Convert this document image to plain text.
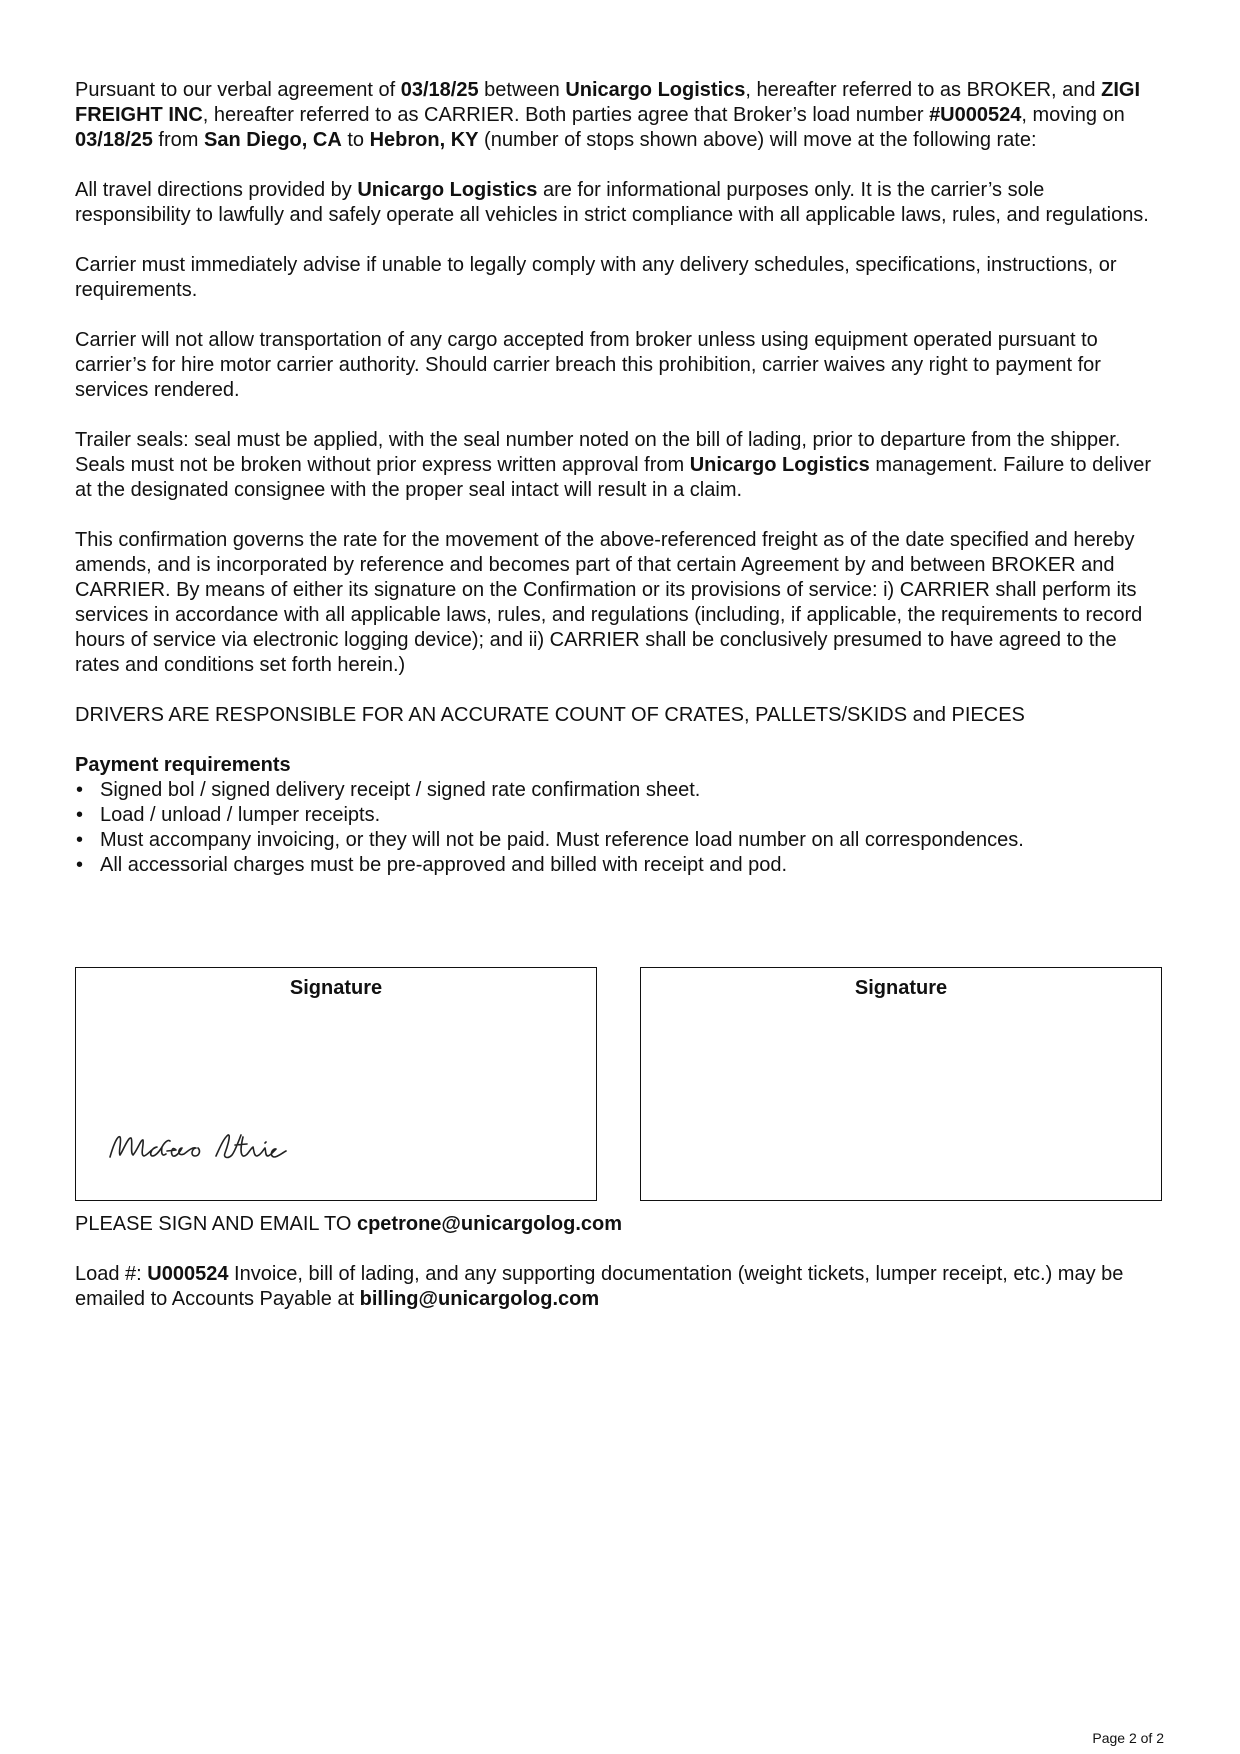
Pursuant to our verbal agreement of 03/18/25 between Unicargo Logistics, hereafter referred to as BROKER, and ZIGI FREIGHT INC, hereafter referred to as CARRIER. Both parties agree that Broker’s load number #U000524, moving on 03/18/25 from San Diego, CA to Hebron, KY (number of stops shown above) will move at the following rate:

All travel directions provided by Unicargo Logistics are for informational purposes only. It is the carrier’s sole responsibility to lawfully and safely operate all vehicles in strict compliance with all applicable laws, rules, and regulations.

Carrier must immediately advise if unable to legally comply with any delivery schedules, specifications, instructions, or requirements.

Carrier will not allow transportation of any cargo accepted from broker unless using equipment operated pursuant to carrier’s for hire motor carrier authority. Should carrier breach this prohibition, carrier waives any right to payment for services rendered.

Trailer seals: seal must be applied, with the seal number noted on the bill of lading, prior to departure from the shipper. Seals must not be broken without prior express written approval from Unicargo Logistics management. Failure to deliver at the designated consignee with the proper seal intact will result in a claim.

This confirmation governs the rate for the movement of the above-referenced freight as of the date specified and hereby amends, and is incorporated by reference and becomes part of that certain Agreement by and between BROKER and CARRIER. By means of either its signature on the Confirmation or its provisions of service: i) CARRIER shall perform its services in accordance with all applicable laws, rules, and regulations (including, if applicable, the requirements to record hours of service via electronic logging device); and ii) CARRIER shall be conclusively presumed to have agreed to the rates and conditions set forth herein.)

DRIVERS ARE RESPONSIBLE FOR AN ACCURATE COUNT OF CRATES, PALLETS/SKIDS and PIECES

Payment requirements
• Signed bol / signed delivery receipt / signed rate confirmation sheet.
• Load / unload / lumper receipts.
• Must accompany invoicing, or they will not be paid. Must reference load number on all correspondences.
• All accessorial charges must be pre-approved and billed with receipt and pod.
Signature	Signature

PLEASE SIGN AND EMAIL TO cpetrone@unicargolog.com

Load #: U000524 Invoice, bill of lading, and any supporting documentation (weight tickets, lumper receipt, etc.) may be emailed to Accounts Payable at billing@unicargolog.com

Page 2 of 2
